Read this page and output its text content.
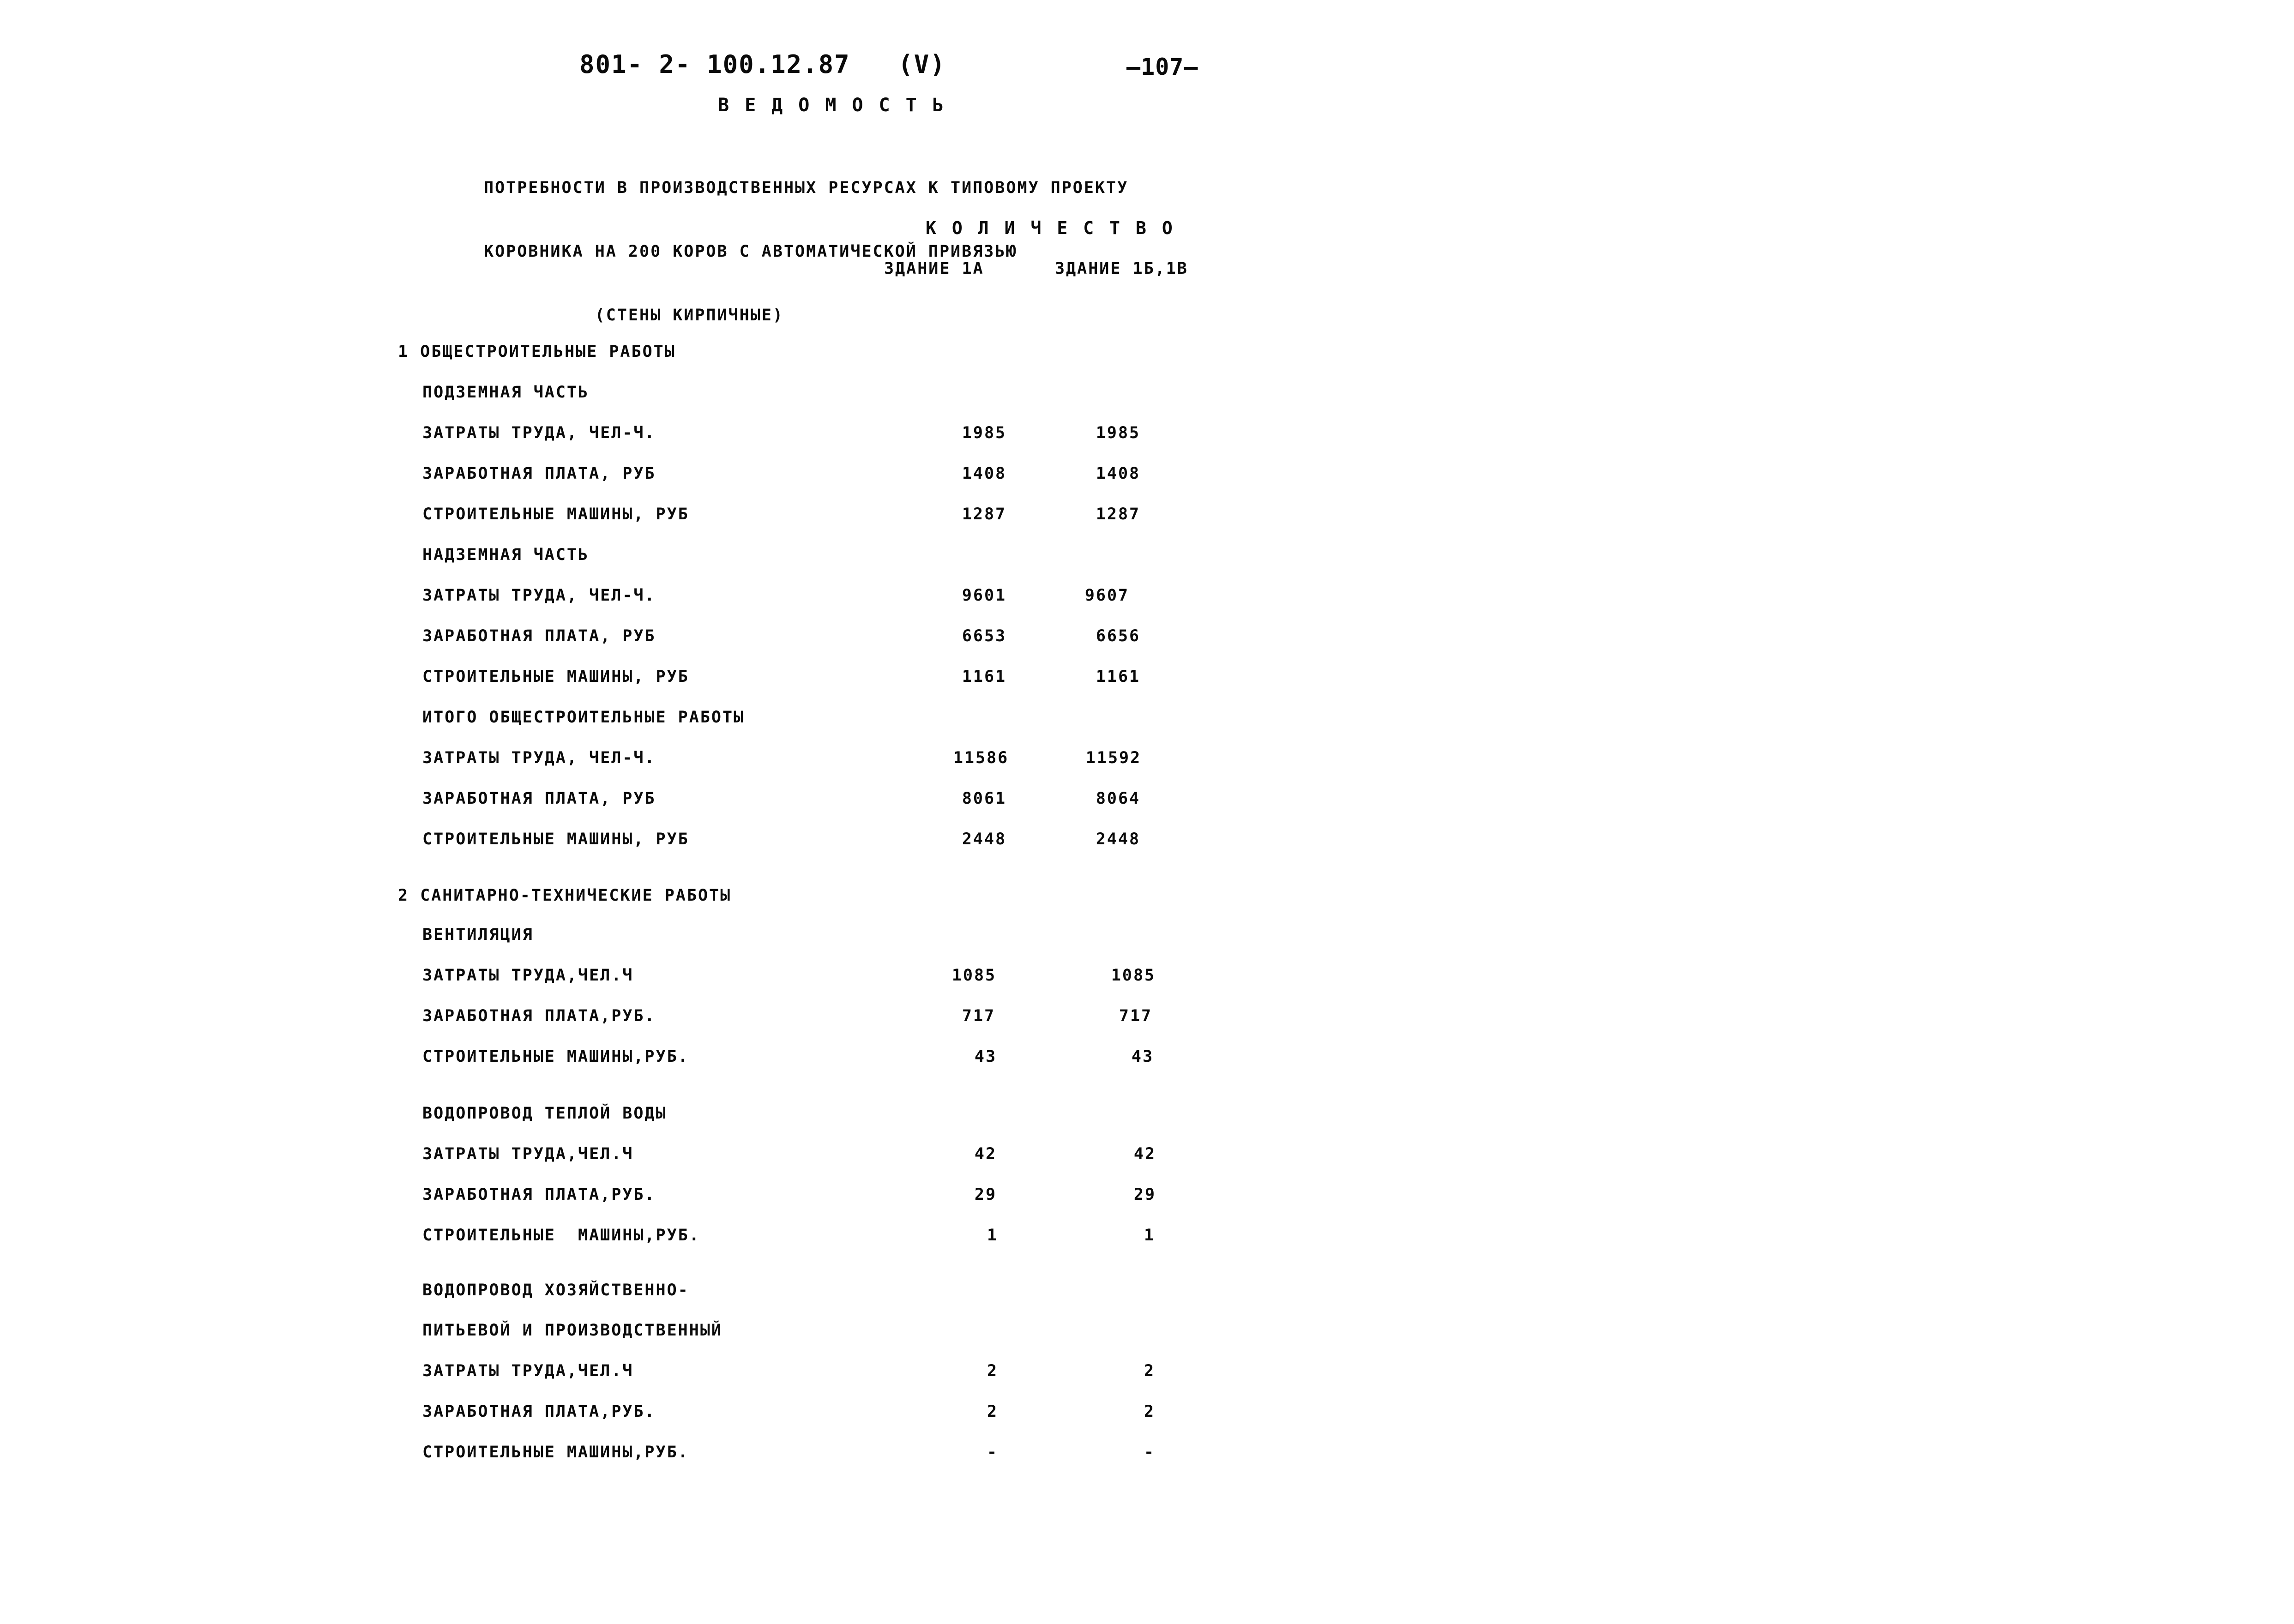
801- 2- 100.12.87   (V)	—107—
ВЕДОМОСТЬ

ПОТРЕБНОСТИ В ПРОИЗВОДСТВЕННЫХ РЕСУРСАХ К ТИПОВОМУ ПРОЕКТУ

КОРОВНИКА НА 200 КОРОВ С АВТОМАТИЧЕСКОЙ ПРИВЯЗЬЮ

(СТЕНЫ КИРПИЧНЫЕ)

КОЛИЧЕСТВО
ЗДАНИЕ 1А	ЗДАНИЕ 1Б,1В
1 ОБЩЕСТРОИТЕЛЬНЫЕ РАБОТЫ
ПОДЗЕМНАЯ ЧАСТЬ
ЗАТРАТЫ ТРУДА, ЧЕЛ-Ч.	1985	1985
ЗАРАБОТНАЯ ПЛАТА, РУБ	1408	1408
СТРОИТЕЛЬНЫЕ МАШИНЫ, РУБ	1287	1287
НАДЗЕМНАЯ ЧАСТЬ
ЗАТРАТЫ ТРУДА, ЧЕЛ-Ч.	9601	9607
ЗАРАБОТНАЯ ПЛАТА, РУБ	6653	6656
СТРОИТЕЛЬНЫЕ МАШИНЫ, РУБ	1161	1161
ИТОГО ОБЩЕСТРОИТЕЛЬНЫЕ РАБОТЫ
ЗАТРАТЫ ТРУДА, ЧЕЛ-Ч.	11586	11592
ЗАРАБОТНАЯ ПЛАТА, РУБ	8061	8064
СТРОИТЕЛЬНЫЕ МАШИНЫ, РУБ	2448	2448
2 САНИТАРНО-ТЕХНИЧЕСКИЕ РАБОТЫ
ВЕНТИЛЯЦИЯ
ЗАТРАТЫ ТРУДА,ЧЕЛ.Ч	1085	1085
ЗАРАБОТНАЯ ПЛАТА,РУБ.	717	717
СТРОИТЕЛЬНЫЕ МАШИНЫ,РУБ.	43	43
ВОДОПРОВОД ТЕПЛОЙ ВОДЫ
ЗАТРАТЫ ТРУДА,ЧЕЛ.Ч	42	42
ЗАРАБОТНАЯ ПЛАТА,РУБ.	29	29
СТРОИТЕЛЬНЫЕ  МАШИНЫ,РУБ.	1	1
ВОДОПРОВОД ХОЗЯЙСТВЕННО-
ПИТЬЕВОЙ И ПРОИЗВОДСТВЕННЫЙ
ЗАТРАТЫ ТРУДА,ЧЕЛ.Ч	2	2
ЗАРАБОТНАЯ ПЛАТА,РУБ.	2	2
СТРОИТЕЛЬНЫЕ МАШИНЫ,РУБ.	-	-
